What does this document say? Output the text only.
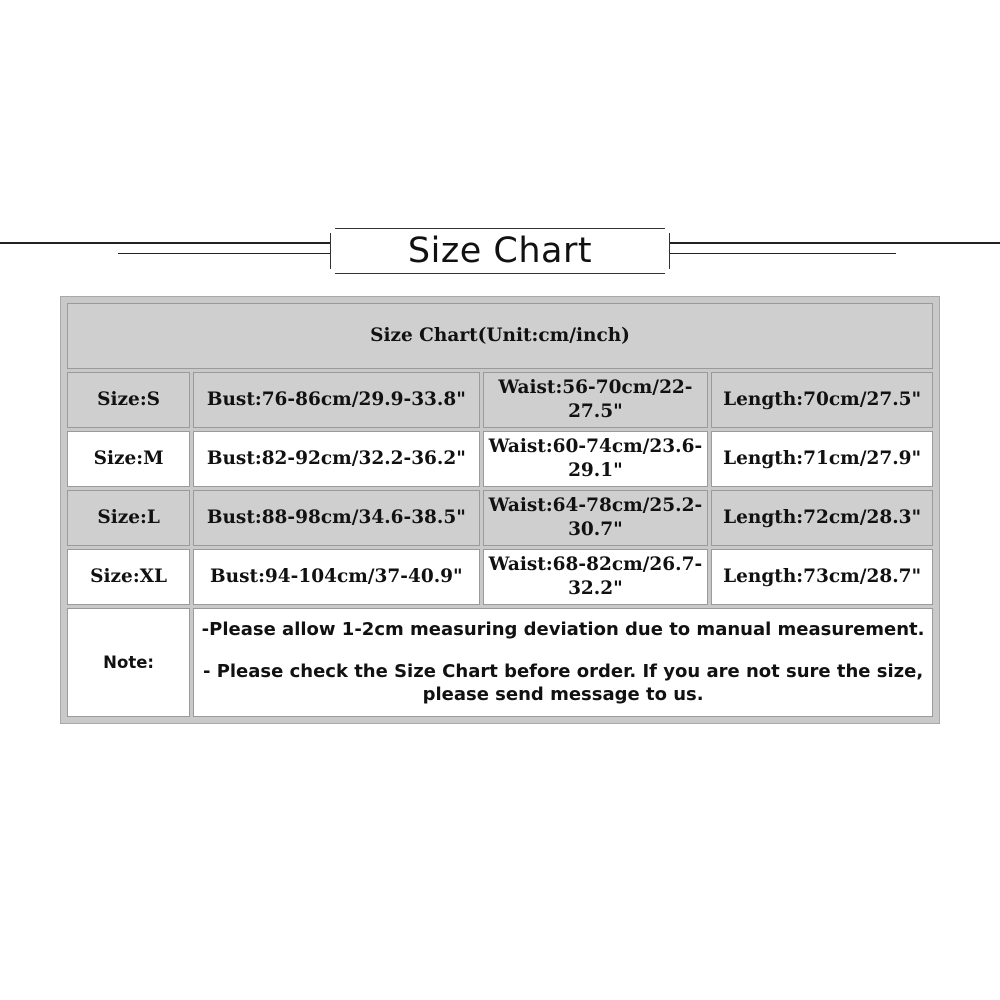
Size Chart
Size Chart(Unit:cm/inch)			
Size:S	Bust:76-86cm/29.9-33.8"	Waist:56-70cm/22-27.5"	Length:70cm/27.5"
Size:M	Bust:82-92cm/32.2-36.2"	Waist:60-74cm/23.6-29.1"	Length:71cm/27.9"
Size:L	Bust:88-98cm/34.6-38.5"	Waist:64-78cm/25.2-30.7"	Length:72cm/28.3"
Size:XL	Bust:94-104cm/37-40.9"	Waist:68-82cm/26.7-32.2"	Length:73cm/28.7"
Note:	-Please allow 1-2cm measuring deviation due to manual measurement.

- Please check the Size Chart before order. If you are not sure the size, please send message to us.		
